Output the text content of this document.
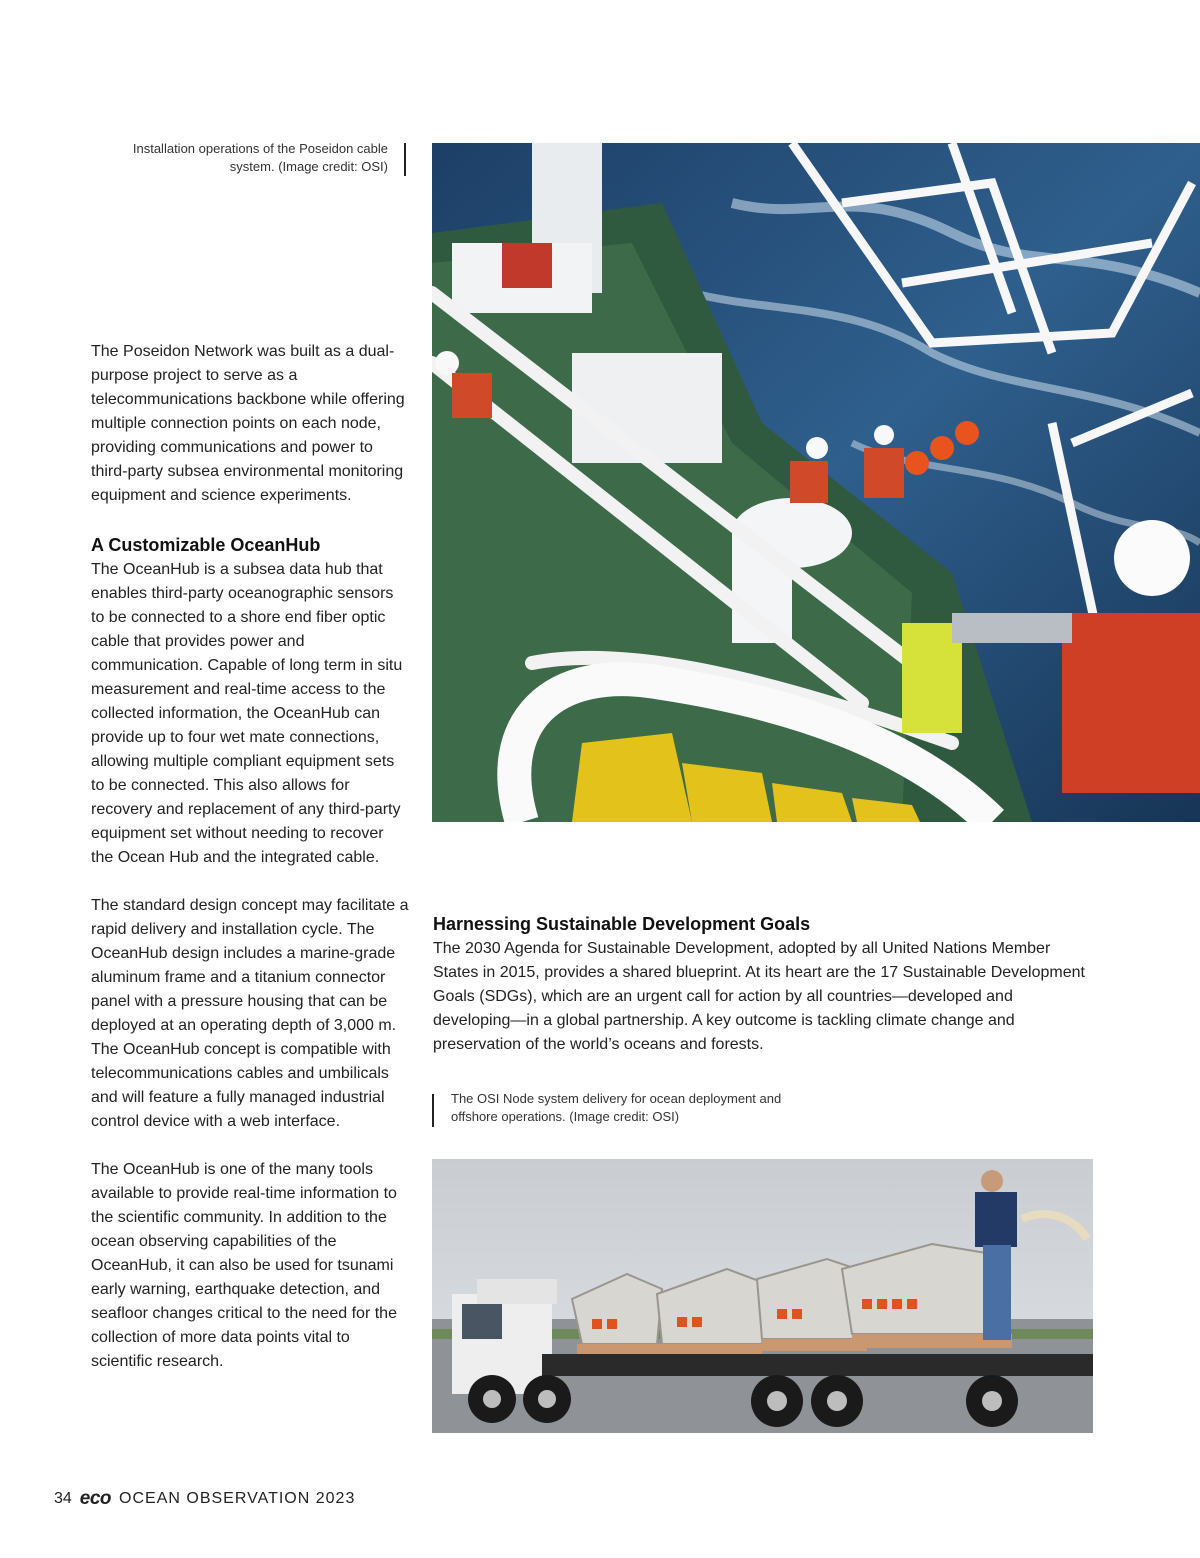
Installation operations of the Poseidon cable system. (Image credit: OSI)

The Poseidon Network was built as a dual-purpose project to serve as a telecommunications backbone while offering multiple connection points on each node, providing communications and power to third-party subsea environmental monitoring equipment and science experiments.

A Customizable OceanHub

The OceanHub is a subsea data hub that enables third-party oceanographic sensors to be connected to a shore end fiber optic cable that provides power and communication. Capable of long term in situ measurement and real-time access to the collected information, the OceanHub can provide up to four wet mate connections, allowing multiple compliant equipment sets to be connected. This also allows for recovery and replacement of any third-party equipment set without needing to recover the Ocean Hub and the integrated cable.

The standard design concept may facilitate a rapid delivery and installation cycle. The OceanHub design includes a marine-grade aluminum frame and a titanium connector panel with a pressure housing that can be deployed at an operating depth of 3,000 m. The OceanHub concept is compatible with telecommunications cables and umbilicals and will feature a fully managed industrial control device with a web interface.

The OceanHub is one of the many tools available to provide real-time information to the scientific community. In addition to the ocean observing capabilities of the OceanHub, it can also be used for tsunami early warning, earthquake detection, and seafloor changes critical to the need for the collection of more data points vital to scientific research.

Harnessing Sustainable Development Goals

The 2030 Agenda for Sustainable Development, adopted by all United Nations Member States in 2015, provides a shared blueprint. At its heart are the 17 Sustainable Development Goals (SDGs), which are an urgent call for action by all countries—developed and developing—in a global partnership. A key outcome is tackling climate change and preservation of the world’s oceans and forests.

The OSI Node system delivery for ocean deployment and offshore operations. (Image credit: OSI)
34 eco OCEAN OBSERVATION 2023
